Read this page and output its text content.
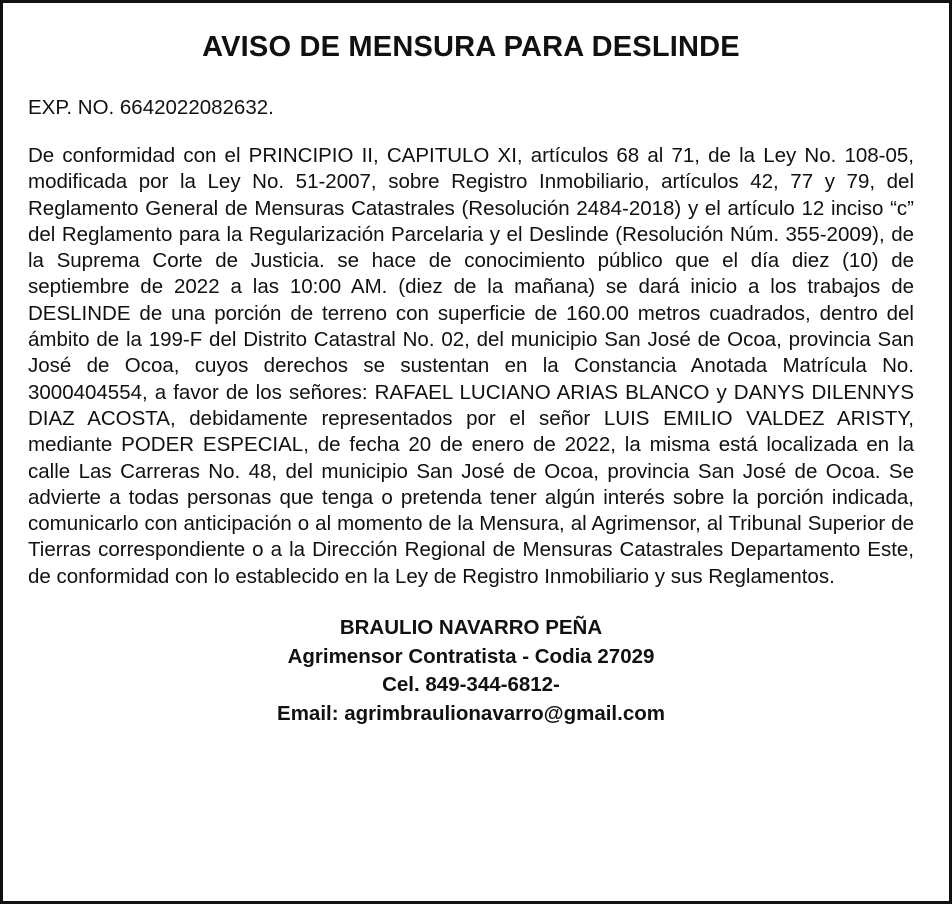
AVISO DE MENSURA PARA DESLINDE

EXP. NO. 6642022082632.

De conformidad con el PRINCIPIO II, CAPITULO XI, artículos 68 al 71, de la Ley No. 108-05, modificada por la Ley No. 51-2007, sobre Registro Inmobiliario, artículos 42, 77 y 79, del Reglamento General de Mensuras Catastrales (Resolución 2484-2018) y el artículo 12 inciso “c” del Reglamento para la Regularización Parcelaria y el Deslinde (Resolución Núm. 355-2009), de la Suprema Corte de Justicia. se hace de conocimiento público que el día diez (10) de septiembre de 2022 a las 10:00 AM. (diez de la mañana) se dará inicio a los trabajos de DESLINDE de una porción de terreno con superficie de 160.00 metros cuadrados, dentro del ámbito de la 199-F del Distrito Catastral No. 02, del municipio San José de Ocoa, provincia San José de Ocoa, cuyos derechos se sustentan en la Constancia Anotada Matrícula No. 3000404554, a favor de los señores: RAFAEL LUCIANO ARIAS BLANCO y DANYS DILENNYS DIAZ ACOSTA, debidamente representados por el señor LUIS EMILIO VALDEZ ARISTY, mediante PODER ESPECIAL, de fecha 20 de enero de 2022, la misma está localizada en la calle Las Carreras No. 48, del municipio San José de Ocoa, provincia San José de Ocoa. Se advierte a todas personas que tenga o pretenda tener algún interés sobre la porción indicada, comunicarlo con anticipación o al momento de la Mensura, al Agrimensor, al Tribunal Superior de Tierras correspondiente o a la Dirección Regional de Mensuras Catastrales Departamento Este, de conformidad con lo establecido en la Ley de Registro Inmobiliario y sus Reglamentos.

BRAULIO NAVARRO PEÑA
Agrimensor Contratista - Codia 27029
Cel. 849-344-6812-
Email: agrimbraulionavarro@gmail.com
